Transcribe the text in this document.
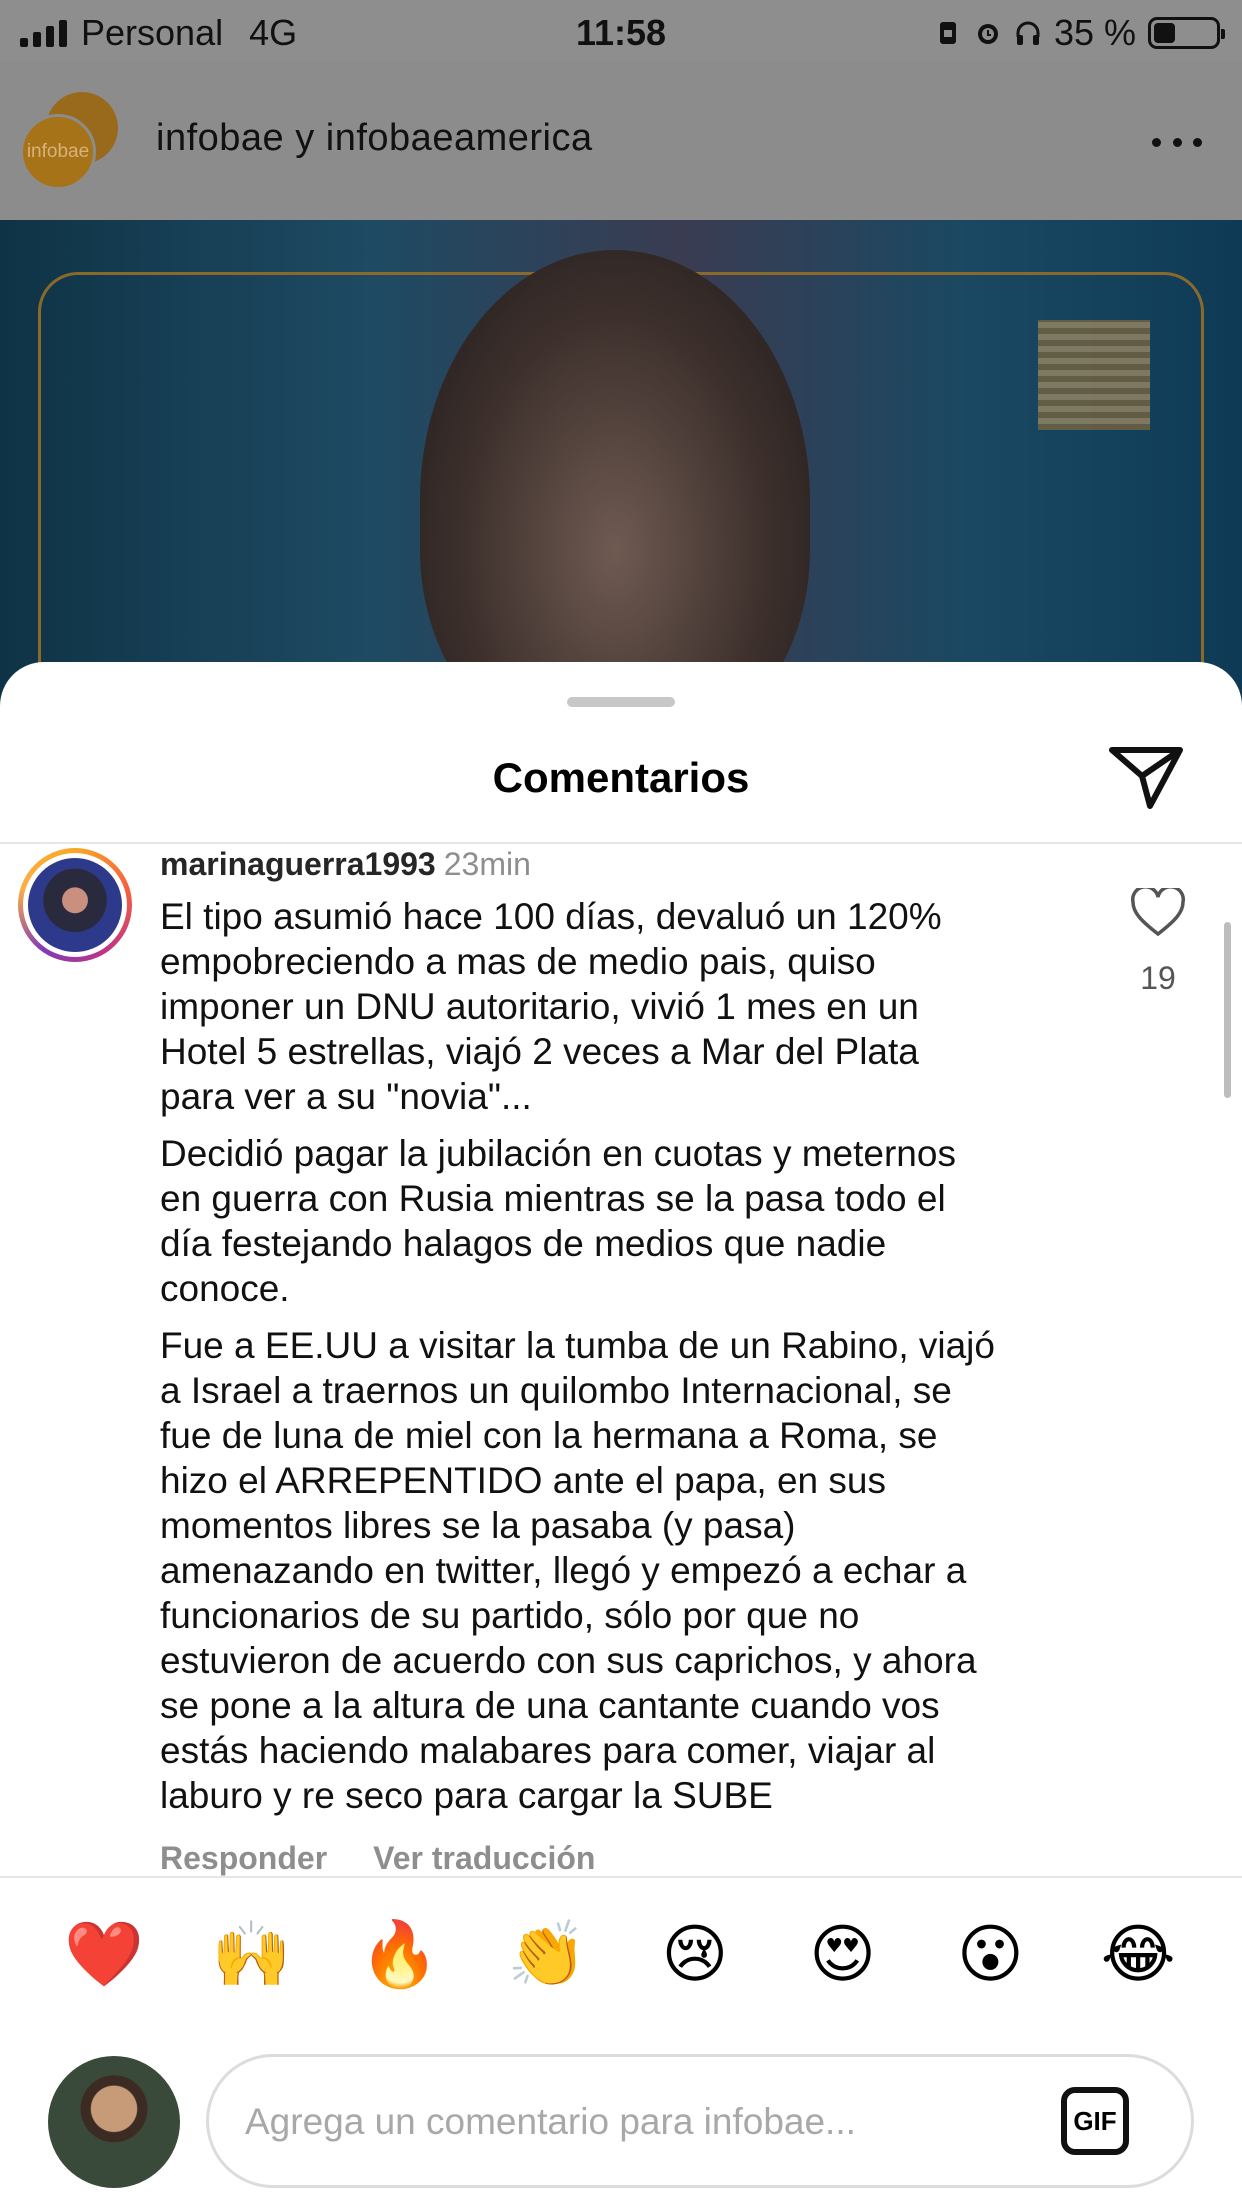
Personal 4G	11:58	35 %
infobae infobae y infobaeamerica
Comentarios
marinaguerra1993 23min

El tipo asumió hace 100 días, devaluó un 120%
empobreciendo a mas de medio pais, quiso
imponer un DNU autoritario, vivió 1 mes en un
Hotel 5 estrellas, viajó 2 veces a Mar del Plata
para ver a su "novia"...

Decidió pagar la jubilación en cuotas y meternos
en guerra con Rusia mientras se la pasa todo el
día festejando halagos de medios que nadie
conoce.

Fue a EE.UU a visitar la tumba de un Rabino, viajó
a Israel a traernos un quilombo Internacional, se
fue de luna de miel con la hermana a Roma, se
hizo el ARREPENTIDO ante el papa, en sus
momentos libres se la pasaba (y pasa)
amenazando en twitter, llegó y empezó a echar a
funcionarios de su partido, sólo por que no
estuvieron de acuerdo con sus caprichos, y ahora
se pone a la altura de una cantante cuando vos
estás haciendo malabares para comer, viajar al
laburo y re seco para cargar la SUBE

19
Responder Ver traducción
❤️ 🙌 🔥 👏 😢 😍 😮 😂
Agrega un comentario para infobae...
GIF
